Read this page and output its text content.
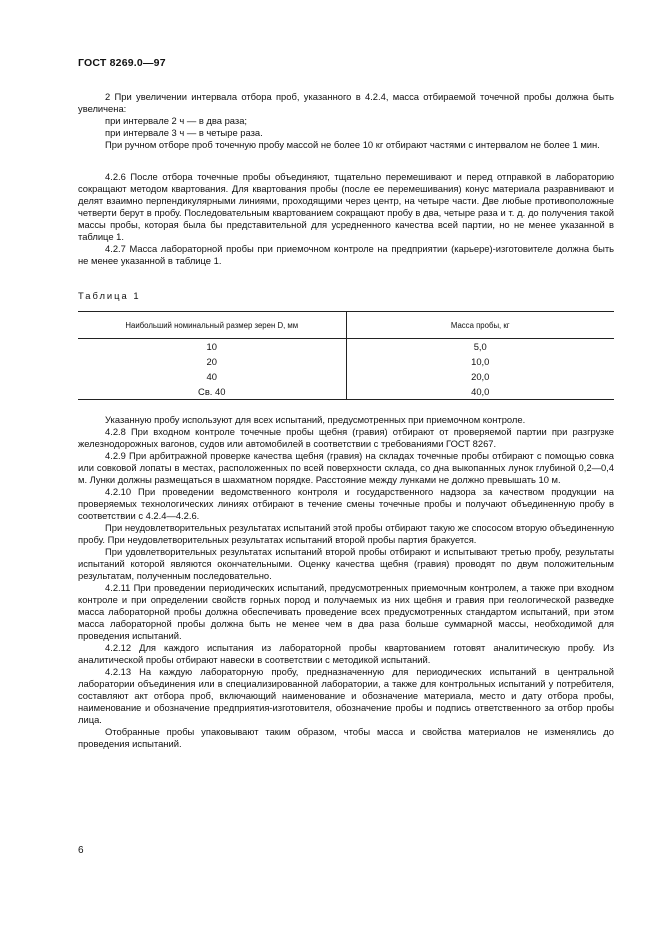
ГОСТ 8269.0—97

2 При увеличении интервала отбора проб, указанного в 4.2.4, масса отбираемой точечной пробы должна быть увеличена:

при интервале 2 ч — в два раза;

при интервале 3 ч — в четыре раза.

При ручном отборе проб точечную пробу массой не более 10 кг отбирают частями с интервалом не более 1 мин.

4.2.6 После отбора точечные пробы объединяют, тщательно перемешивают и перед отправкой в лабораторию сокращают методом квартования. Для квартования пробы (после ее перемешивания) конус материала разравнивают и делят взаимно перпендикулярными линиями, проходящими через центр, на четыре части. Две любые противоположные четверти берут в пробу. Последовательным квартованием сокращают пробу в два, четыре раза и т. д. до получения такой массы пробы, которая была бы представительной для усредненного качества всей партии, но не менее указанной в таблице 1.

4.2.7 Масса лабораторной пробы при приемочном контроле на предприятии (карьере)-изготовителе должна быть не менее указанной в таблице 1.

Таблица 1
Наибольший номинальный размер зерен D, мм	Масса пробы, кг
10	5,0
20	10,0
40	20,0
Св. 40	40,0

Указанную пробу используют для всех испытаний, предусмотренных при приемочном контроле.

4.2.8 При входном контроле точечные пробы щебня (гравия) отбирают от проверяемой партии при разгрузке железнодорожных вагонов, судов или автомобилей в соответствии с требованиями ГОСТ 8267.

4.2.9 При арбитражной проверке качества щебня (гравия) на складах точечные пробы отбирают с помощью совка или совковой лопаты в местах, расположенных по всей поверхности склада, со дна выкопанных лунок глубиной 0,2—0,4 м. Лунки должны размещаться в шахматном порядке. Расстояние между лунками не должно превышать 10 м.

4.2.10 При проведении ведомственного контроля и государственного надзора за качеством продукции на проверяемых технологических линиях отбирают в течение смены точечные пробы и получают объединенную пробу в соответствии с 4.2.4—4.2.6.

При неудовлетворительных результатах испытаний этой пробы отбирают такую же спососом вторую объединенную пробу. При неудовлетворительных результатах испытаний второй пробы партия бракуется.

При удовлетворительных результатах испытаний второй пробы отбирают и испытывают третью пробу, результаты испытаний которой являются окончательными. Оценку качества щебня (гравия) проводят по двум положительным результатам, полученным последовательно.

4.2.11 При проведении периодических испытаний, предусмотренных приемочным контролем, а также при входном контроле и при определении свойств горных пород и получаемых из них щебня и гравия при геологической разведке масса лабораторной пробы должна обеспечивать проведение всех предусмотренных стандартом испытаний, при этом масса лабораторной пробы должна быть не менее чем в два раза больше суммарной массы, необходимой для проведения испытаний.

4.2.12 Для каждого испытания из лабораторной пробы квартованием готовят аналитическую пробу. Из аналитической пробы отбирают навески в соответствии с методикой испытаний.

4.2.13 На каждую лабораторную пробу, предназначенную для периодических испытаний в центральной лаборатории объединения или в специализированной лаборатории, а также для контрольных испытаний у потребителя, составляют акт отбора проб, включающий наименование и обозначение материала, место и дату отбора пробы, наименование и обозначение предприятия-изготовителя, обозначение пробы и подпись ответственного за отбор пробы лица.

Отобранные пробы упаковывают таким образом, чтобы масса и свойства материалов не изменялись до проведения испытаний.

6
